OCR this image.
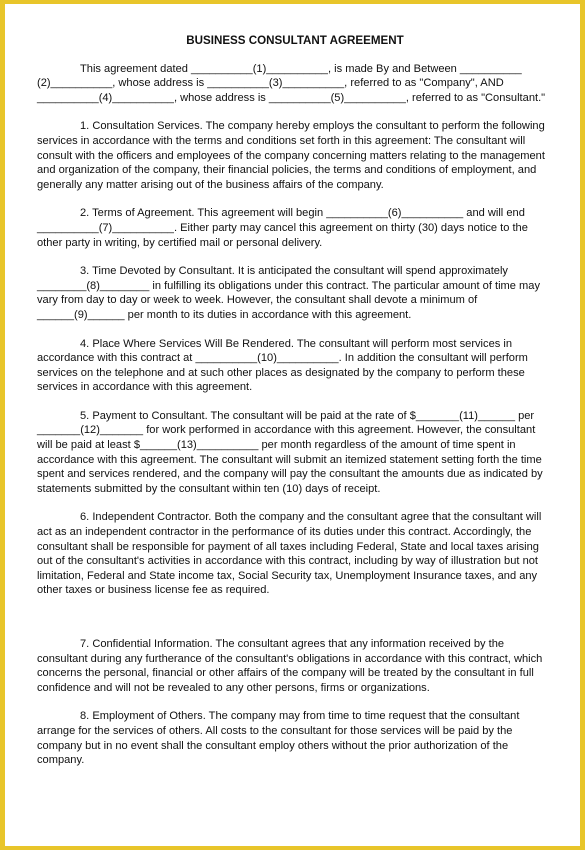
BUSINESS CONSULTANT AGREEMENT
This agreement dated __________(1)__________, is made By and Between __________ (2)__________, whose address is __________(3)__________, referred to as "Company", AND __________(4)__________, whose address is __________(5)__________, referred to as "Consultant."
1. Consultation Services. The company hereby employs the consultant to perform the following services in accordance with the terms and conditions set forth in this agreement: The consultant will consult with the officers and employees of the company concerning matters relating to the management and organization of the company, their financial policies, the terms and conditions of employment, and generally any matter arising out of the business affairs of the company.
2. Terms of Agreement. This agreement will begin __________(6)__________ and will end __________(7)__________. Either party may cancel this agreement on thirty (30) days notice to the other party in writing, by certified mail or personal delivery.
3. Time Devoted by Consultant. It is anticipated the consultant will spend approximately ________(8)________ in fulfilling its obligations under this contract. The particular amount of time may vary from day to day or week to week. However, the consultant shall devote a minimum of ______(9)______ per month to its duties in accordance with this agreement.
4. Place Where Services Will Be Rendered. The consultant will perform most services in accordance with this contract at __________(10)__________. In addition the consultant will perform services on the telephone and at such other places as designated by the company to perform these services in accordance with this agreement.
5. Payment to Consultant. The consultant will be paid at the rate of $_______(11)______ per _______(12)_______ for work performed in accordance with this agreement. However, the consultant will be paid at least $______(13)__________ per month regardless of the amount of time spent in accordance with this agreement. The consultant will submit an itemized statement setting forth the time spent and services rendered, and the company will pay the consultant the amounts due as indicated by statements submitted by the consultant within ten (10) days of receipt.
6. Independent Contractor. Both the company and the consultant agree that the consultant will act as an independent contractor in the performance of its duties under this contract. Accordingly, the consultant shall be responsible for payment of all taxes including Federal, State and local taxes arising out of the consultant's activities in accordance with this contract, including by way of illustration but not limitation, Federal and State income tax, Social Security tax, Unemployment Insurance taxes, and any other taxes or business license fee as required.
7. Confidential Information. The consultant agrees that any information received by the consultant during any furtherance of the consultant's obligations in accordance with this contract, which concerns the personal, financial or other affairs of the company will be treated by the consultant in full confidence and will not be revealed to any other persons, firms or organizations.
8. Employment of Others. The company may from time to time request that the consultant arrange for the services of others. All costs to the consultant for those services will be paid by the company but in no event shall the consultant employ others without the prior authorization of the company.
